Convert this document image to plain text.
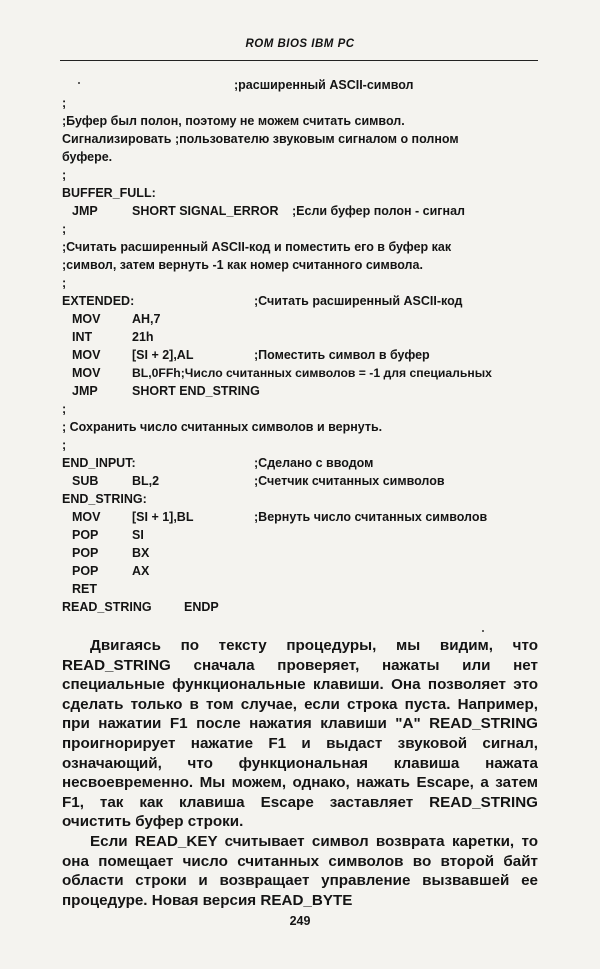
ROM BIOS IBM PC
;расширенный ASCII-символ
;
;Буфер был полон, поэтому не можем считать символ.
Сигнализировать ;пользователю звуковым сигналом о полном
буфере.
;
BUFFER_FULL:
JMP	SHORT SIGNAL_ERROR ;Если буфер полон - сигнал
;
;Считать расширенный ASCII-код и поместить его в буфер как
;символ, затем вернуть -1 как номер считанного символа.
;
EXTENDED:	;Считать расширенный ASCII-код
MOV	AH,7
INT	21h
MOV	[SI + 2],AL	;Поместить символ в буфер
MOV	BL,0FFh;Число считанных символов = -1 для специальных
JMP	SHORT END_STRING
;
; Сохранить число считанных символов и вернуть.
;
END_INPUT:	;Сделано с вводом
SUB	BL,2	;Счетчик считанных символов
END_STRING:
MOV	[SI + 1],BL	;Вернуть число считанных символов
POP	SI
POP	BX
POP	AX
RET
READ_STRING	ENDP

Двигаясь по тексту процедуры, мы видим, что READ_STRING сначала проверяет, нажаты или нет специальные функциональные клавиши. Она позволяет это сделать только в том случае, если строка пуста. Например, при нажатии F1 после нажатия клавиши "A" READ_STRING проигнорирует нажатие F1 и выдаст звуковой сигнал, означающий, что функциональная клавиша нажата несвоевременно. Мы можем, однако, нажать Escape, а затем F1, так как клавиша Escape заставляет READ_STRING очистить буфер строки.

Если READ_KEY считывает символ возврата каретки, то она помещает число считанных символов во второй байт области строки и возвращает управление вызвавшей ее процедуре. Новая версия READ_BYTE

249
